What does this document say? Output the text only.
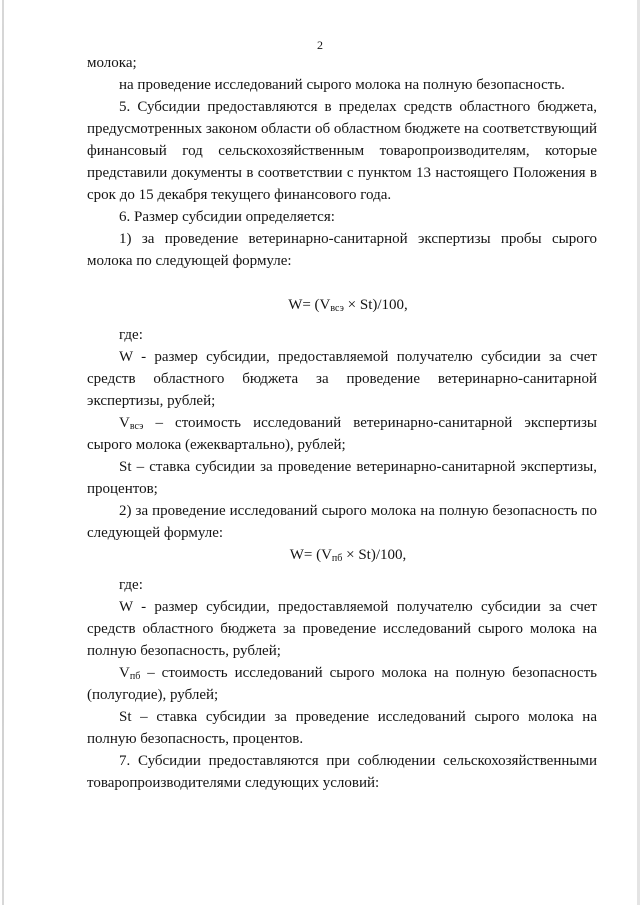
2

молока;

на проведение исследований сырого молока на полную безопасность.

5. Субсидии предоставляются в пределах средств областного бюджета, предусмотренных законом области об областном бюджете на соответствующий финансовый год сельскохозяйственным товаропроизводителям, которые представили документы в соответствии с пунктом 13 настоящего Положения в срок до 15 декабря текущего финансового года.

6. Размер субсидии определяется:

1) за проведение ветеринарно-санитарной экспертизы пробы сырого молока по следующей формуле:

$W= (V_{всэ} \times St)/100$,

где:

W - размер субсидии, предоставляемой получателю субсидии за счет средств областного бюджета за проведение ветеринарно-санитарной экспертизы, рублей;

$V_{всэ}$ – стоимость исследований ветеринарно-санитарной экспертизы сырого молока (ежеквартально), рублей;

St – ставка субсидии за проведение ветеринарно-санитарной экспертизы, процентов;

2) за проведение исследований сырого молока на полную безопасность по следующей формуле:

$W= (V_{пб} \times St)/100$,

где:

W - размер субсидии, предоставляемой получателю субсидии за счет средств областного бюджета за проведение исследований сырого молока на полную безопасность, рублей;

$V_{пб}$ – стоимость исследований сырого молока на полную безопасность (полугодие), рублей;

St – ставка субсидии за проведение исследований сырого молока на полную безопасность, процентов.

7. Субсидии предоставляются при соблюдении сельскохозяйственными товаропроизводителями следующих условий:
